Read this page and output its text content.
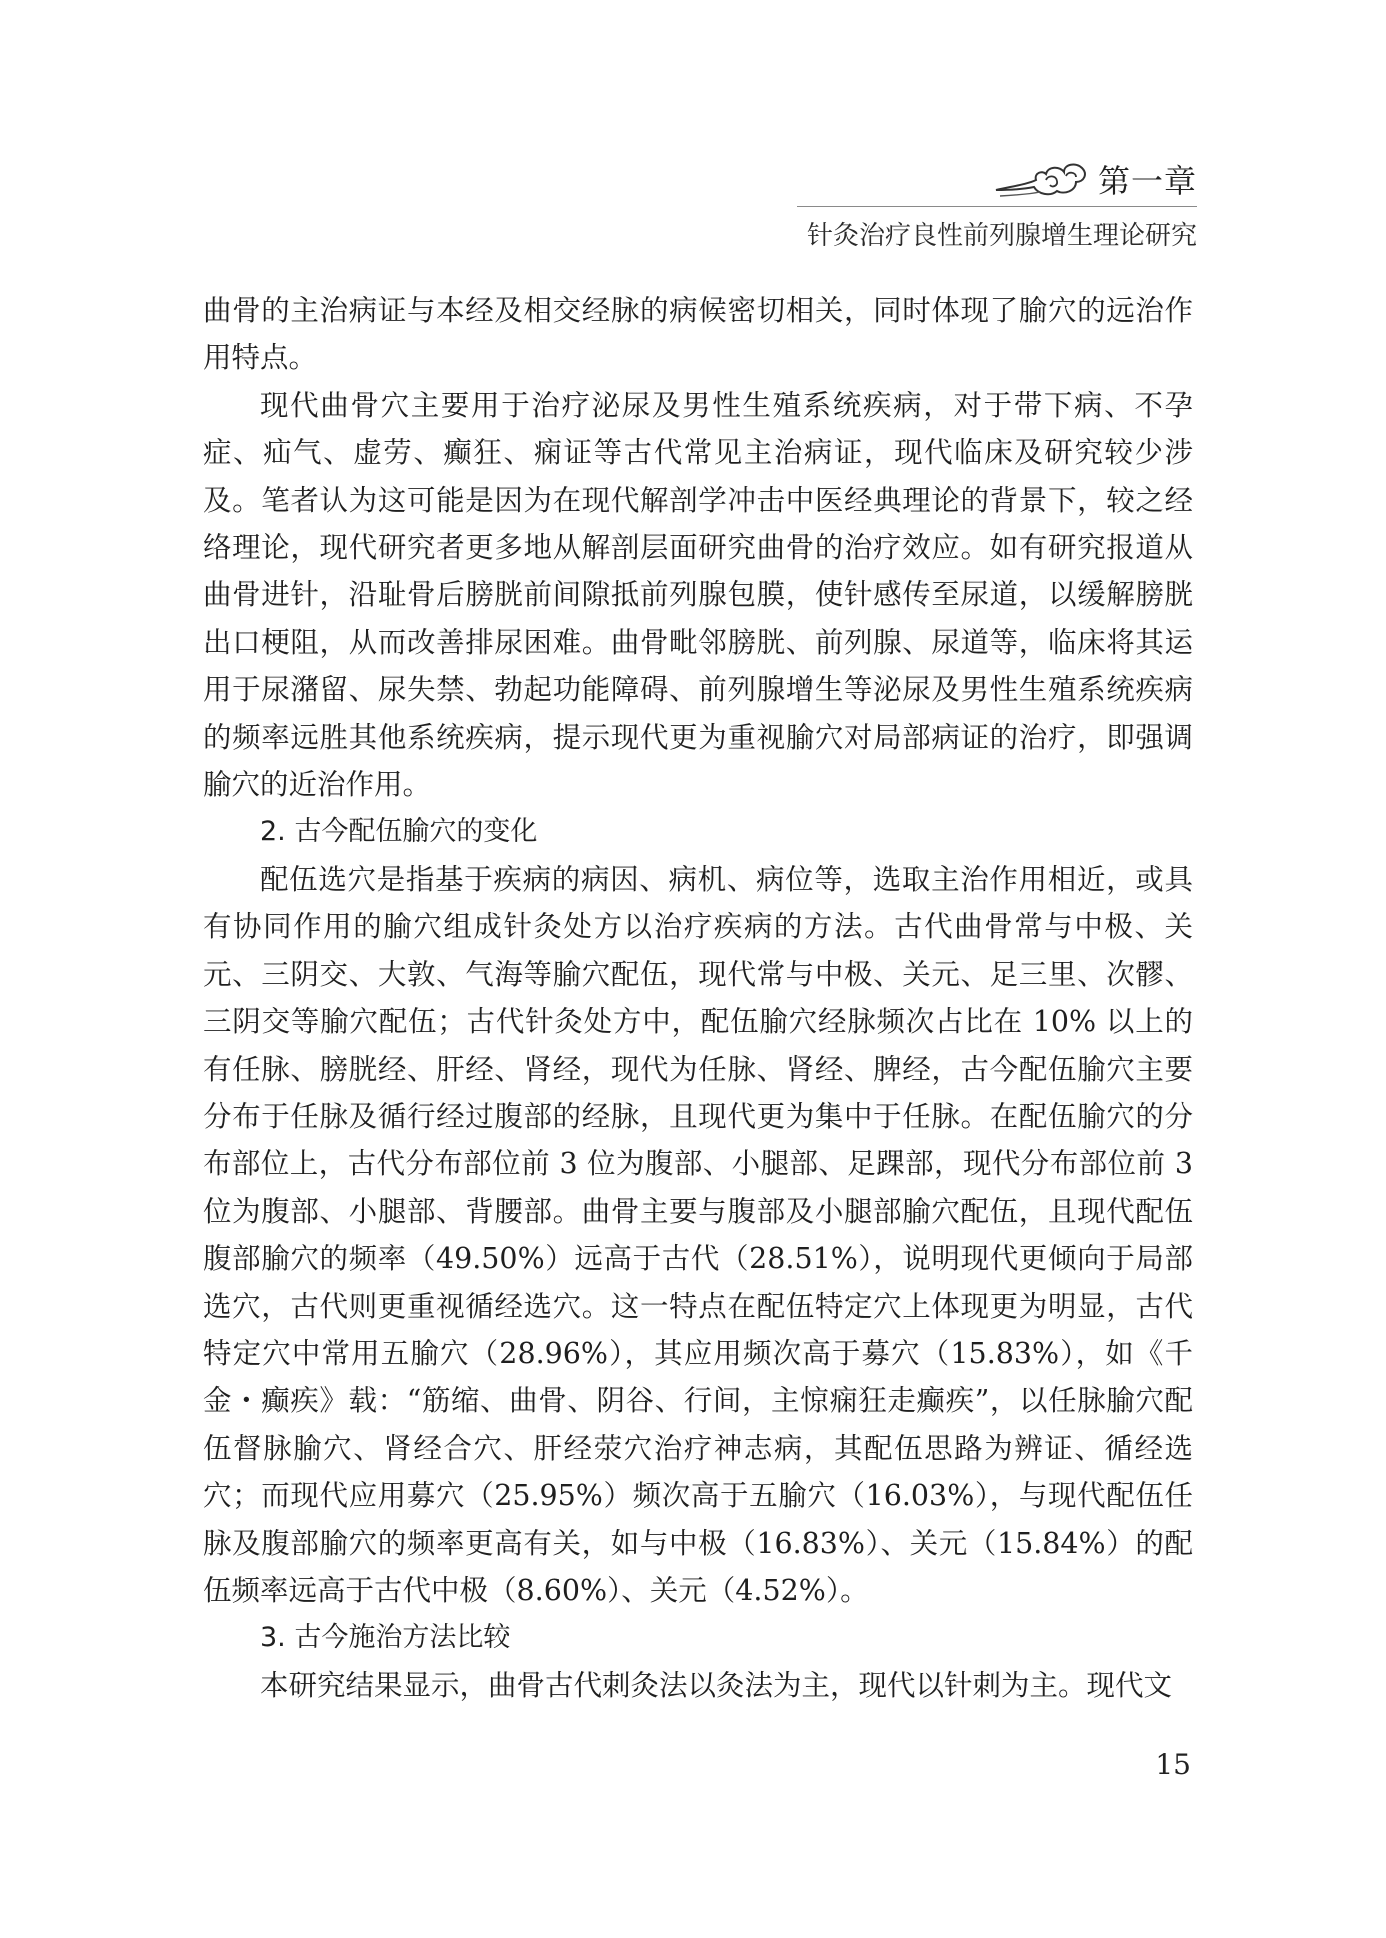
第一章
针灸治疗良性前列腺增生理论研究

曲骨的主治病证与本经及相交经脉的病候密切相关，同时体现了腧穴的远治作用特点。

现代曲骨穴主要用于治疗泌尿及男性生殖系统疾病，对于带下病、不孕症、疝气、虚劳、癫狂、痫证等古代常见主治病证，现代临床及研究较少涉及。笔者认为这可能是因为在现代解剖学冲击中医经典理论的背景下，较之经络理论，现代研究者更多地从解剖层面研究曲骨的治疗效应。如有研究报道从曲骨进针，沿耻骨后膀胱前间隙抵前列腺包膜，使针感传至尿道，以缓解膀胱出口梗阻，从而改善排尿困难。曲骨毗邻膀胱、前列腺、尿道等，临床将其运用于尿潴留、尿失禁、勃起功能障碍、前列腺增生等泌尿及男性生殖系统疾病的频率远胜其他系统疾病，提示现代更为重视腧穴对局部病证的治疗，即强调腧穴的近治作用。

2. 古今配伍腧穴的变化

配伍选穴是指基于疾病的病因、病机、病位等，选取主治作用相近，或具有协同作用的腧穴组成针灸处方以治疗疾病的方法。古代曲骨常与中极、关元、三阴交、大敦、气海等腧穴配伍，现代常与中极、关元、足三里、次髎、三阴交等腧穴配伍；古代针灸处方中，配伍腧穴经脉频次占比在 10% 以上的有任脉、膀胱经、肝经、肾经，现代为任脉、肾经、脾经，古今配伍腧穴主要分布于任脉及循行经过腹部的经脉，且现代更为集中于任脉。在配伍腧穴的分布部位上，古代分布部位前 3 位为腹部、小腿部、足踝部，现代分布部位前 3 位为腹部、小腿部、背腰部。曲骨主要与腹部及小腿部腧穴配伍，且现代配伍腹部腧穴的频率（49.50%）远高于古代（28.51%），说明现代更倾向于局部选穴，古代则更重视循经选穴。这一特点在配伍特定穴上体现更为明显，古代特定穴中常用五腧穴（28.96%），其应用频次高于募穴（15.83%），如《千金・癫疾》载：“筋缩、曲骨、阴谷、行间，主惊痫狂走癫疾”，以任脉腧穴配伍督脉腧穴、肾经合穴、肝经荥穴治疗神志病，其配伍思路为辨证、循经选穴；而现代应用募穴（25.95%）频次高于五腧穴（16.03%），与现代配伍任脉及腹部腧穴的频率更高有关，如与中极（16.83%）、关元（15.84%）的配伍频率远高于古代中极（8.60%）、关元（4.52%）。

3. 古今施治方法比较

本研究结果显示，曲骨古代刺灸法以灸法为主，现代以针刺为主。现代文

15
